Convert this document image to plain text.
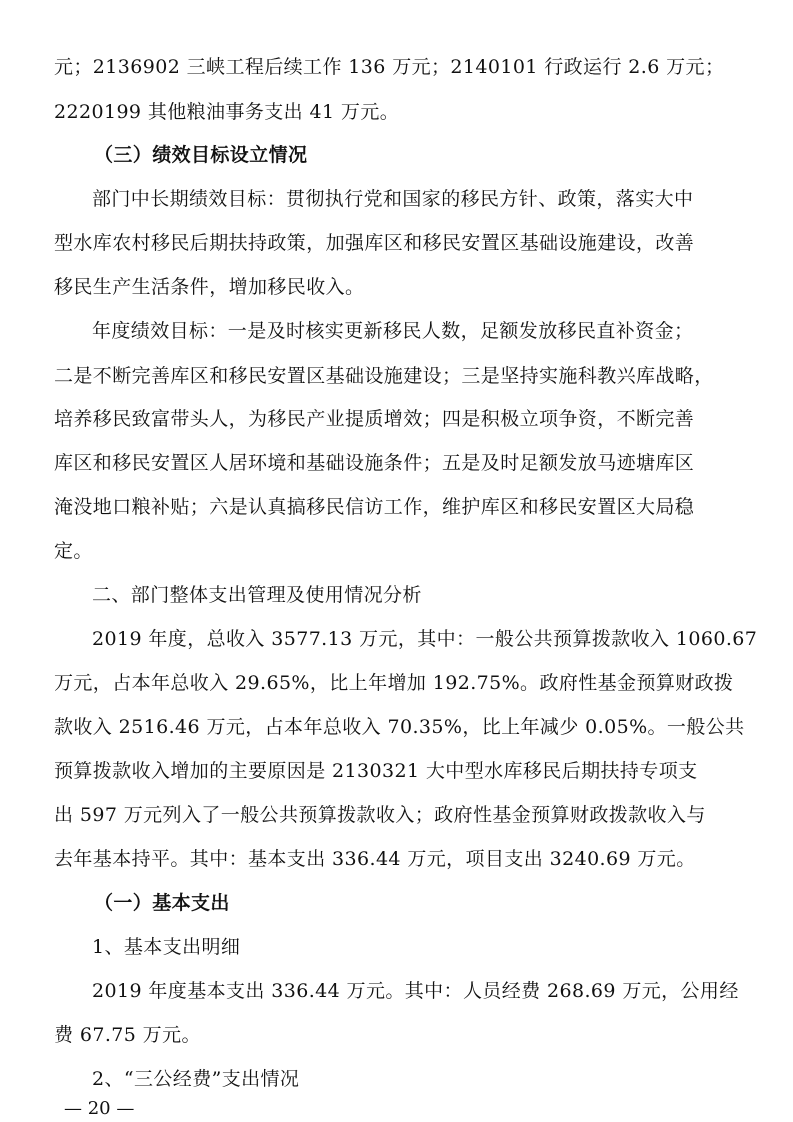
元；2136902 三峡工程后续工作 136 万元；2140101 行政运行 2.6 万元；
2220199 其他粮油事务支出 41 万元。
（三）绩效目标设立情况
部门中长期绩效目标：贯彻执行党和国家的移民方针、政策，落实大中
型水库农村移民后期扶持政策，加强库区和移民安置区基础设施建设，改善
移民生产生活条件，增加移民收入。
年度绩效目标：一是及时核实更新移民人数，足额发放移民直补资金；
二是不断完善库区和移民安置区基础设施建设；三是坚持实施科教兴库战略，
培养移民致富带头人，为移民产业提质增效；四是积极立项争资，不断完善
库区和移民安置区人居环境和基础设施条件；五是及时足额发放马迹塘库区
淹没地口粮补贴；六是认真搞移民信访工作，维护库区和移民安置区大局稳
定。
二、部门整体支出管理及使用情况分析
2019 年度，总收入 3577.13 万元，其中：一般公共预算拨款收入 1060.67
万元，占本年总收入 29.65%，比上年增加 192.75%。政府性基金预算财政拨
款收入 2516.46 万元，占本年总收入 70.35%，比上年减少 0.05%。一般公共
预算拨款收入增加的主要原因是 2130321 大中型水库移民后期扶持专项支
出 597 万元列入了一般公共预算拨款收入；政府性基金预算财政拨款收入与
去年基本持平。其中：基本支出 336.44 万元，项目支出 3240.69 万元。
（一）基本支出
1、基本支出明细
2019 年度基本支出 336.44 万元。其中：人员经费 268.69 万元，公用经
费 67.75 万元。
2、“三公经费”支出情况
— 20 —
